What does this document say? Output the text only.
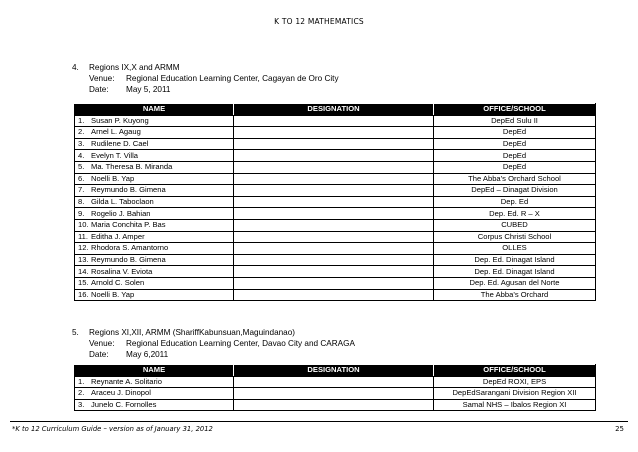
K TO 12 MATHEMATICS
4. Regions IX,X and ARMM
Venue: Regional Education Learning Center, Cagayan de Oro City
Date: May 5, 2011
NAME	DESIGNATION	OFFICE/SCHOOL
1. Susan P. Kuyong		DepEd Sulu II
2. Arnel L. Agaug		DepEd
3. Rudilene D. Cael		DepEd
4. Evelyn T. Villa		DepEd
5. Ma. Theresa B. Miranda		DepEd
6. Noelli B. Yap		The Abba’s Orchard School
7. Reymundo B. Gimena		DepEd – Dinagat Division
8. Gilda L. Taboclaon		Dep. Ed
9. Rogelio J. Bahian		Dep. Ed. R – X
10. Maria Conchita P. Bas		CUBED
11. Editha J. Amper		Corpus Christi School
12. Rhodora S. Amantorno		OLLES
13. Reymundo B. Gimena		Dep. Ed. Dinagat Island
14. Rosalina V. Eviota		Dep. Ed. Dinagat Island
15. Arnold C. Solen		Dep. Ed. Agusan del Norte
16. Noelli B. Yap		The Abba’s Orchard
5. Regions XI,XII, ARMM (ShariffKabunsuan,Maguindanao)
Venue: Regional Education Learning Center, Davao City and CARAGA
Date: May 6,2011
NAME	DESIGNATION	OFFICE/SCHOOL
1. Reynante A. Solitario		DepEd ROXI, EPS
2. Araceu J. Dinopol		DepEdSarangani Division Region XII
3. Junelo C. Fornolles		Samal NHS – Ibalos Region XI
*K to 12 Curriculum Guide – version as of January 31, 2012	25
